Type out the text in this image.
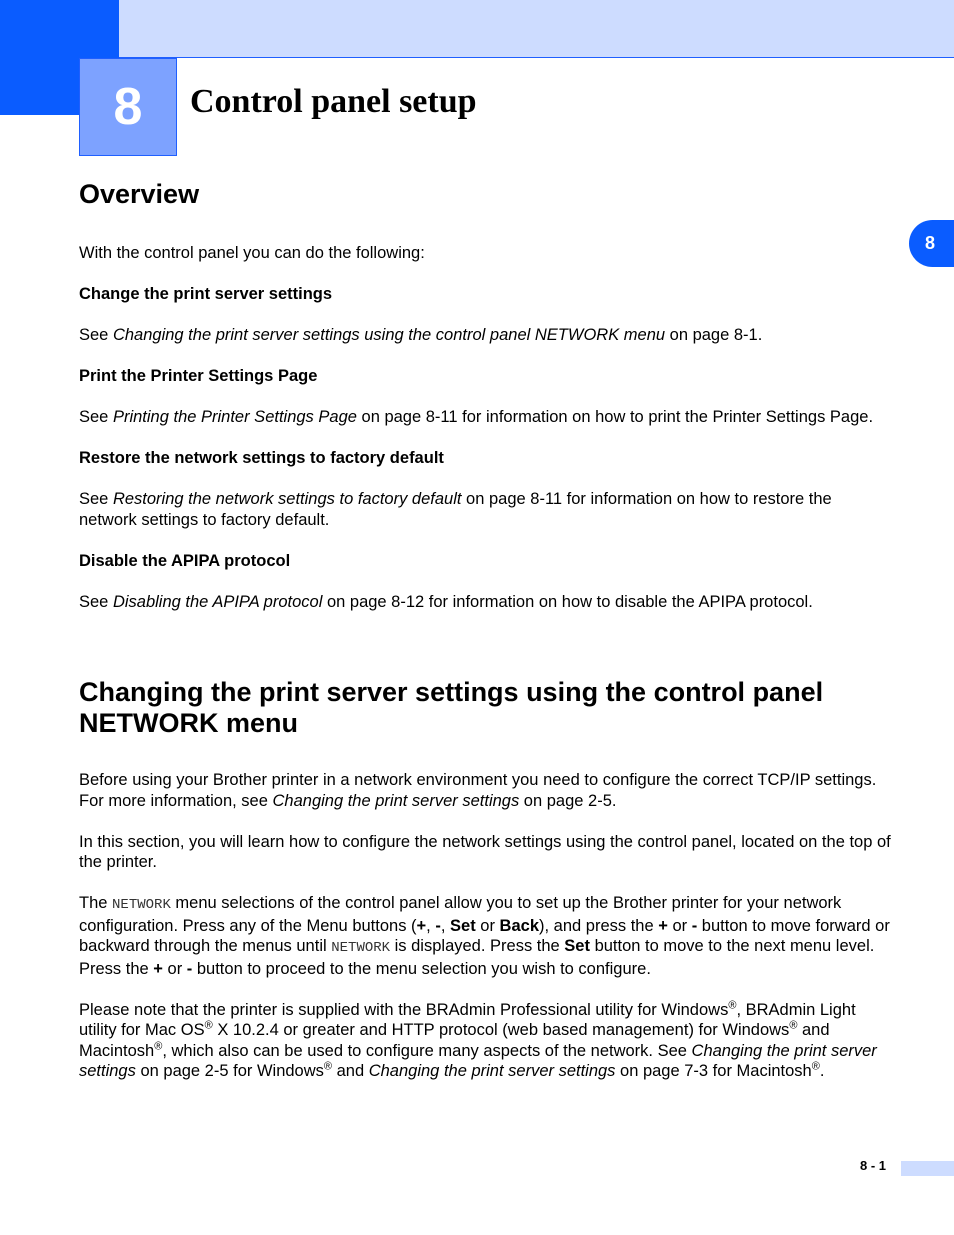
8	Control panel setup
8
Overview

With the control panel you can do the following:

Change the print server settings

See Changing the print server settings using the control panel NETWORK menu on page 8-1.

Print the Printer Settings Page

See Printing the Printer Settings Page on page 8-11 for information on how to print the Printer Settings Page.

Restore the network settings to factory default

See Restoring the network settings to factory default on page 8-11 for information on how to restore the network settings to factory default.

Disable the APIPA protocol

See Disabling the APIPA protocol on page 8-12 for information on how to disable the APIPA protocol.

Changing the print server settings using the control panel NETWORK menu

Before using your Brother printer in a network environment you need to configure the correct TCP/IP settings. For more information, see Changing the print server settings on page 2-5.

In this section, you will learn how to configure the network settings using the control panel, located on the top of the printer.

The NETWORK menu selections of the control panel allow you to set up the Brother printer for your network configuration. Press any of the Menu buttons (+, -, Set or Back), and press the + or - button to move forward or backward through the menus until NETWORK is displayed. Press the Set button to move to the next menu level. Press the + or - button to proceed to the menu selection you wish to configure.

Please note that the printer is supplied with the BRAdmin Professional utility for Windows®, BRAdmin Light utility for Mac OS® X 10.2.4 or greater and HTTP protocol (web based management) for Windows® and Macintosh®, which also can be used to configure many aspects of the network. See Changing the print server settings on page 2-5 for Windows® and Changing the print server settings on page 7-3 for Macintosh®.

8 - 1
